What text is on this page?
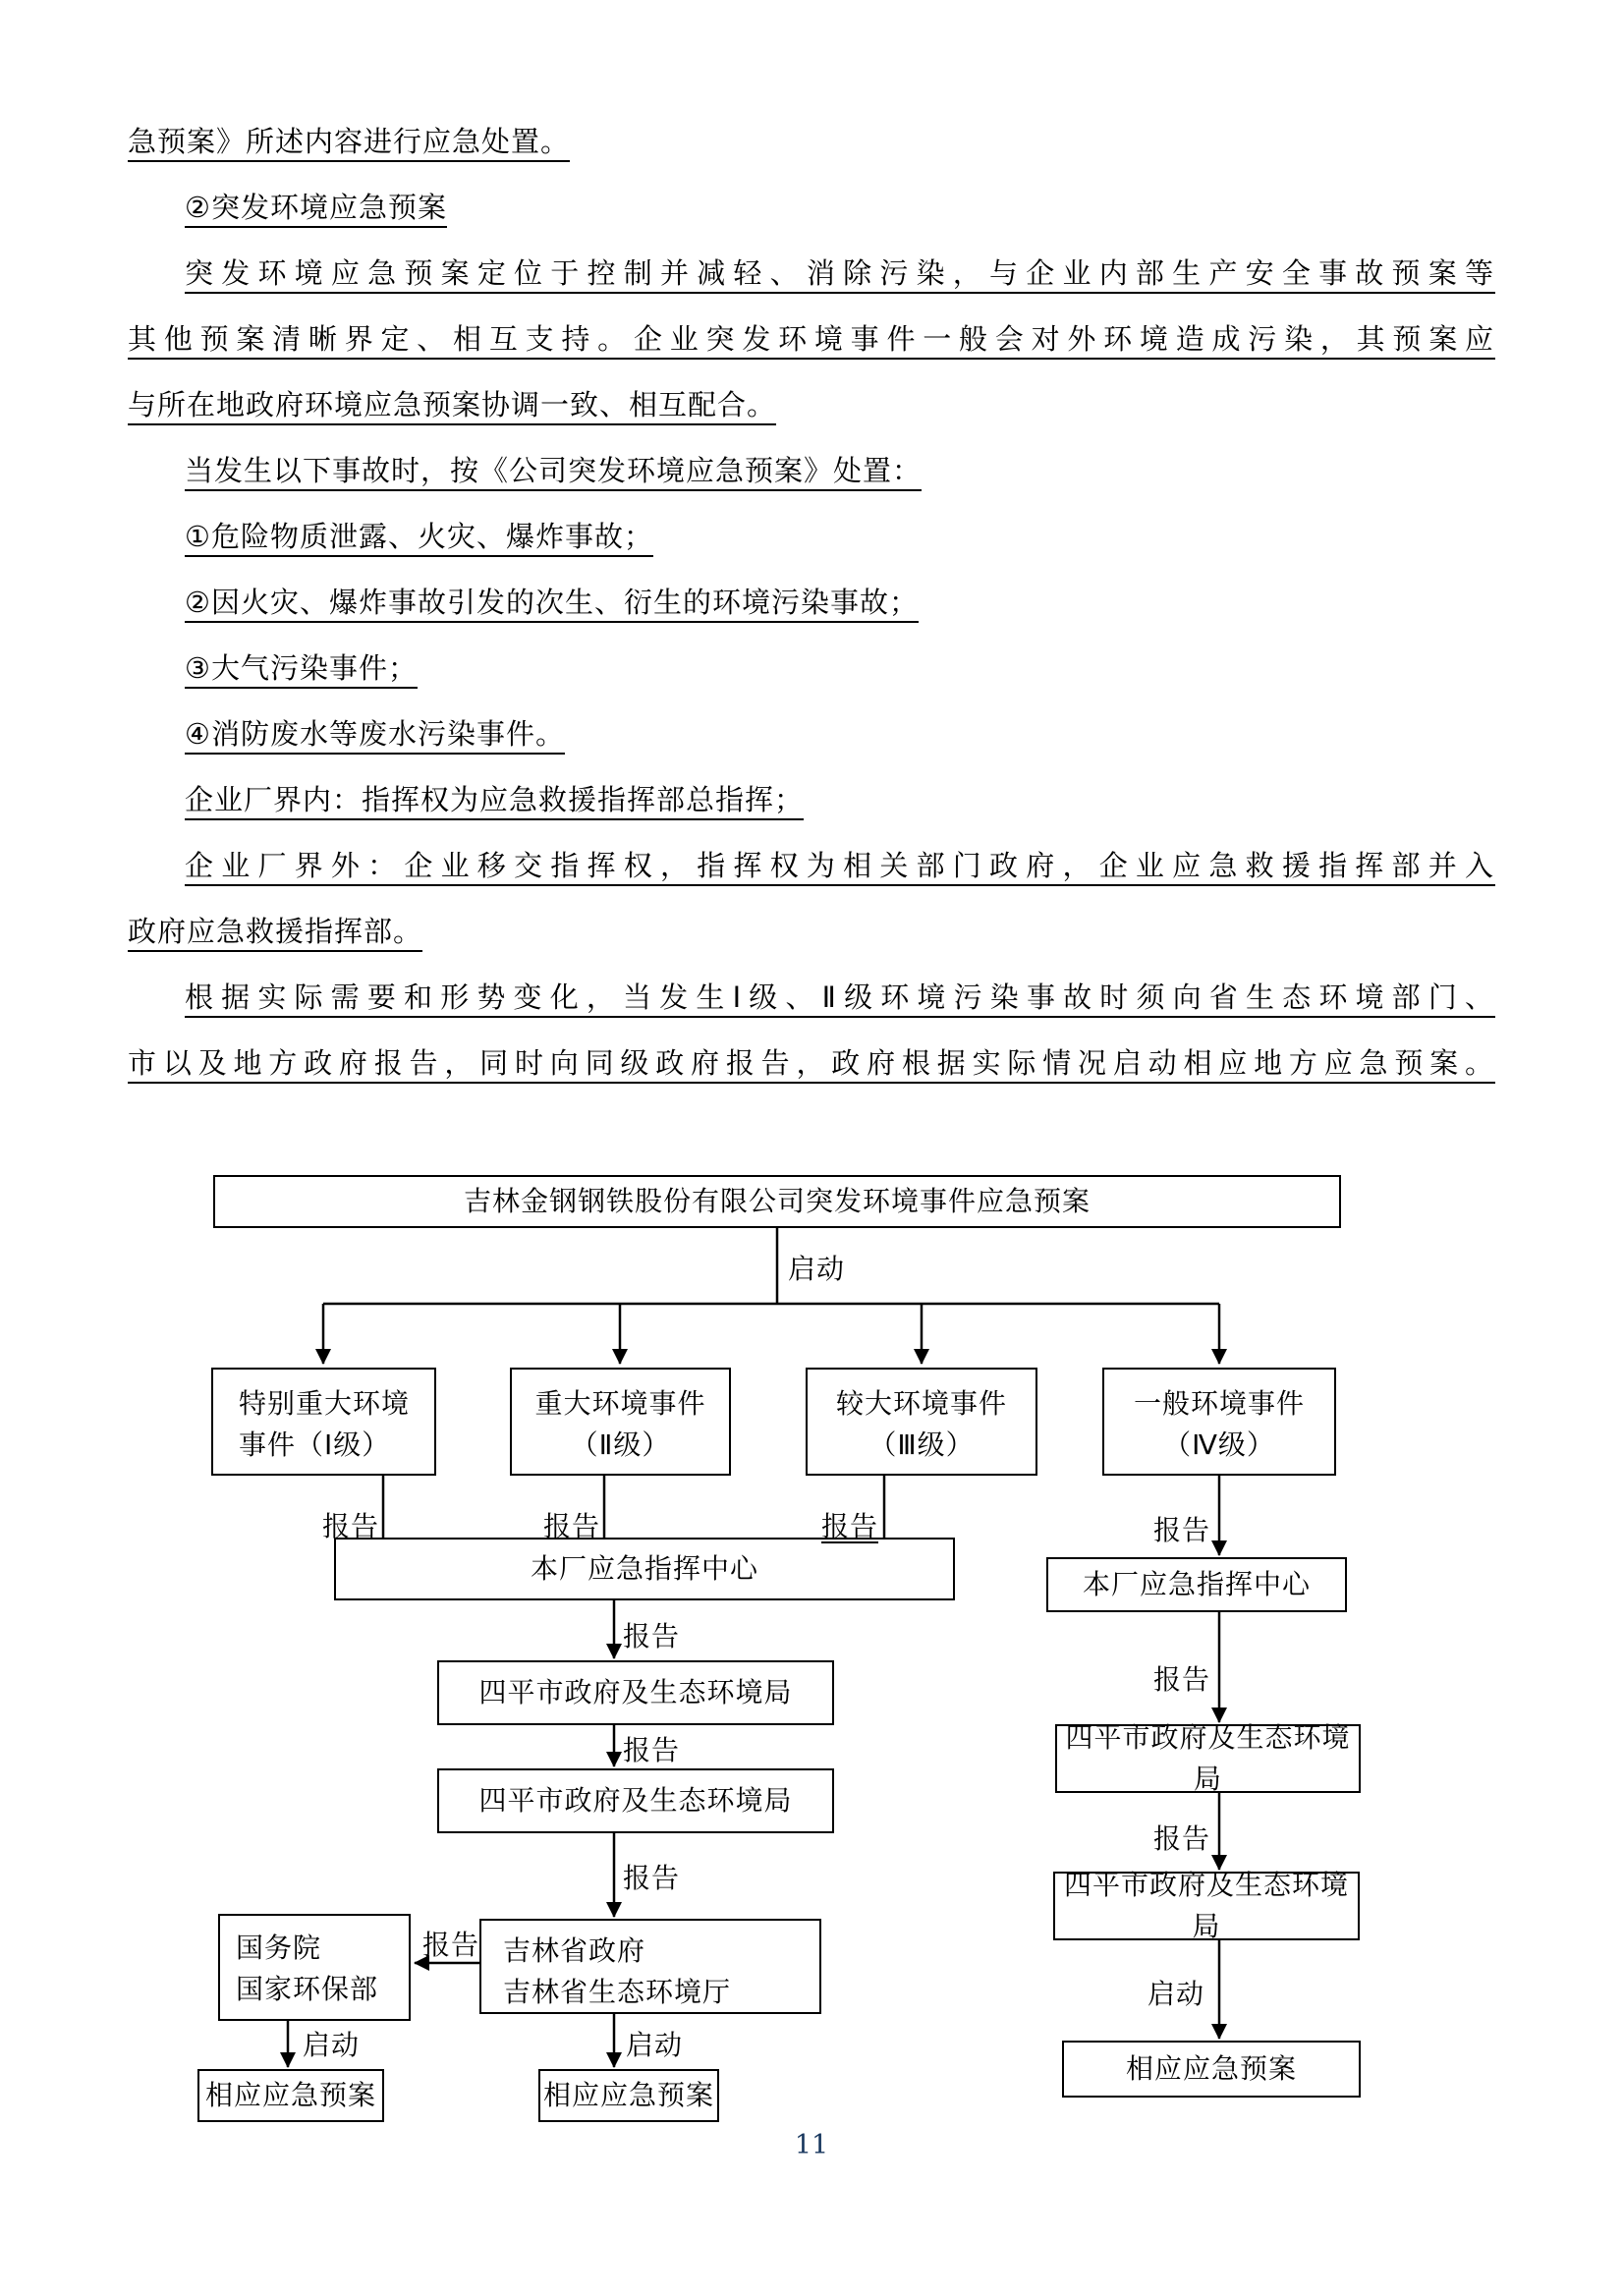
急预案》所述内容进行应急处置。
②突发环境应急预案
突发环境应急预案定位于控制并减轻、消除污染，与企业内部生产安全事故预案等
其他预案清晰界定、相互支持。企业突发环境事件一般会对外环境造成污染，其预案应
与所在地政府环境应急预案协调一致、相互配合。
当发生以下事故时，按《公司突发环境应急预案》处置：
①危险物质泄露、火灾、爆炸事故；
②因火灾、爆炸事故引发的次生、衍生的环境污染事故；
③大气污染事件；
④消防废水等废水污染事件。
企业厂界内：指挥权为应急救援指挥部总指挥；
企业厂界外：企业移交指挥权，指挥权为相关部门政府，企业应急救援指挥部并入
政府应急救援指挥部。
根据实际需要和形势变化，当发生Ⅰ级、Ⅱ级环境污染事故时须向省生态环境部门、
市以及地方政府报告，同时向同级政府报告，政府根据实际情况启动相应地方应急预案。
吉林金钢钢铁股份有限公司突发环境事件应急预案
特别重大环境
事件（Ⅰ级）
重大环境事件
（Ⅱ级）
较大环境事件
（Ⅲ级）
一般环境事件
（Ⅳ级）
本厂应急指挥中心
四平市政府及生态环境局
四平市政府及生态环境局
吉林省政府
吉林省生态环境厅
国务院
国家环保部
相应应急预案	相应应急预案
本厂应急指挥中心
四平市政府及生态环境局
四平市政府及生态环境局
相应应急预案
启动
报告	报告	报告
报告
报告
报告
报告
启动	启动
报告
报告
报告
启动
11
